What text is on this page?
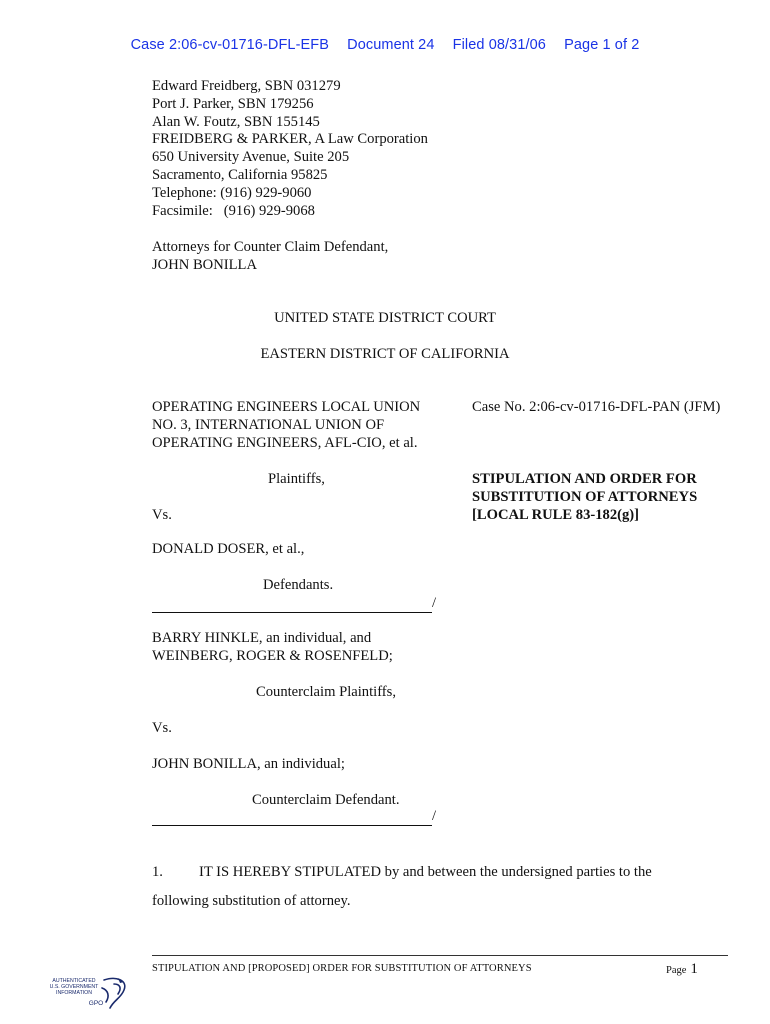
Case 2:06-cv-01716-DFL-EFB Document 24 Filed 08/31/06 Page 1 of 2
Edward Freidberg, SBN 031279
Port J. Parker, SBN 179256
Alan W. Foutz, SBN 155145
FREIDBERG & PARKER, A Law Corporation
650 University Avenue, Suite 205
Sacramento, California 95825
Telephone: (916) 929-9060
Facsimile:   (916) 929-9068
Attorneys for Counter Claim Defendant,
JOHN BONILLA
UNITED STATE DISTRICT COURT
EASTERN DISTRICT OF CALIFORNIA
OPERATING ENGINEERS LOCAL UNION
NO. 3, INTERNATIONAL UNION OF
OPERATING ENGINEERS, AFL-CIO, et al.
Plaintiffs,
Vs.
DONALD DOSER, et al.,
Defendants.
/
BARRY HINKLE, an individual, and
WEINBERG, ROGER & ROSENFELD;
Counterclaim Plaintiffs,
Vs.
JOHN BONILLA, an individual;
Counterclaim Defendant.
/
Case No. 2:06-cv-01716-DFL-PAN (JFM)
STIPULATION AND ORDER FOR
SUBSTITUTION OF ATTORNEYS
[LOCAL RULE 83-182(g)]
1. IT IS HEREBY STIPULATED by and between the undersigned parties to the
following substitution of attorney.
STIPULATION AND [PROPOSED] ORDER FOR SUBSTITUTION OF ATTORNEYS	Page 1
AUTHENTICATED
U.S. GOVERNMENT
INFORMATION
GPO
